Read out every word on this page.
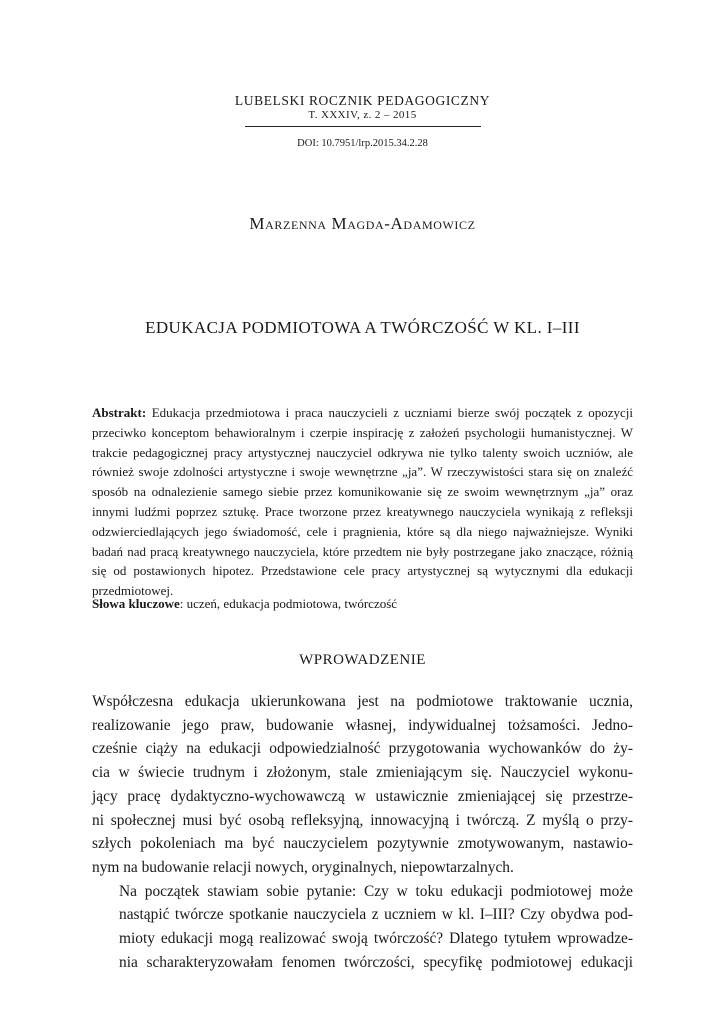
LUBELSKI ROCZNIK PEDAGOGICZNY
T. XXXIV, z. 2 – 2015
DOI: 10.7951/lrp.2015.34.2.28
Marzenna Magda-Adamowicz
EDUKACJA PODMIOTOWA A TWÓRCZOŚĆ W KL. I–III
Abstrakt: Edukacja przedmiotowa i praca nauczycieli z uczniami bierze swój początek z opozycji przeciwko konceptom behawioralnym i czerpie inspirację z założeń psychologii humanistycznej. W trakcie pedagogicznej pracy artystycznej nauczyciel odkrywa nie tylko talenty swoich uczniów, ale również swoje zdolności artystyczne i swoje wewnętrzne „ja”. W rzeczywistości stara się on znaleźć sposób na odnalezienie samego siebie przez komunikowanie się ze swoim wewnętrznym „ja” oraz innymi ludźmi poprzez sztukę. Prace tworzone przez kreatywnego nauczyciela wynikają z refleksji odzwierciedlających jego świadomość, cele i pragnienia, które są dla niego najważniejsze. Wyniki badań nad pracą kreatywnego nauczyciela, które przedtem nie były postrzegane jako znaczące, różnią się od postawionych hipotez. Przedstawione cele pracy artystycznej są wytycznymi dla edukacji przedmiotowej.
Słowa kluczowe: uczeń, edukacja podmiotowa, twórczość
WPROWADZENIE

Współczesna edukacja ukierunkowana jest na podmiotowe traktowanie ucznia,
realizowanie jego praw, budowanie własnej, indywidualnej tożsamości. Jedno-
cześnie ciąży na edukacji odpowiedzialność przygotowania wychowanków do ży-
cia w świecie trudnym i złożonym, stale zmieniającym się. Nauczyciel wykonu-
jący pracę dydaktyczno-wychowawczą w ustawicznie zmieniającej się przestrze-
ni społecznej musi być osobą refleksyjną, innowacyjną i twórczą. Z myślą o przy-
szłych pokoleniach ma być nauczycielem pozytywnie zmotywowanym, nastawio-
nym na budowanie relacji nowych, oryginalnych, niepowtarzalnych.

Na początek stawiam sobie pytanie: Czy w toku edukacji podmiotowej może
nastąpić twórcze spotkanie nauczyciela z uczniem w kl. I–III? Czy obydwa pod-
mioty edukacji mogą realizować swoją twórczość? Dlatego tytułem wprowadze-
nia scharakteryzowałam fenomen twórczości, specyfikę podmiotowej edukacji
